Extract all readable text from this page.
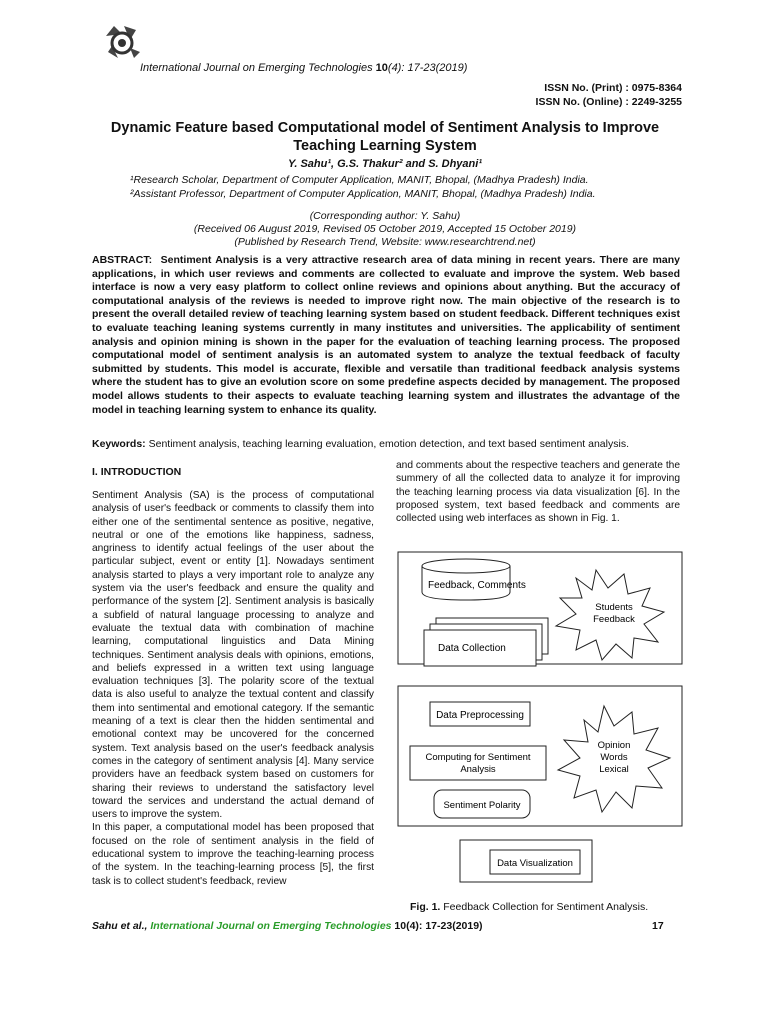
International Journal on Emerging Technologies 10(4): 17-23(2019)
ISSN No. (Print) : 0975-8364
ISSN No. (Online) : 2249-3255
Dynamic Feature based Computational model of Sentiment Analysis to Improve Teaching Learning System
Y. Sahu¹, G.S. Thakur² and S. Dhyani¹
¹Research Scholar, Department of Computer Application, MANIT, Bhopal, (Madhya Pradesh) India.
²Assistant Professor, Department of Computer Application, MANIT, Bhopal, (Madhya Pradesh) India.
(Corresponding author: Y. Sahu)
(Received 06 August 2019, Revised 05 October 2019, Accepted 15 October 2019)
(Published by Research Trend, Website: www.researchtrend.net)
ABSTRACT: Sentiment Analysis is a very attractive research area of data mining in recent years. There are many applications, in which user reviews and comments are collected to evaluate and improve the system. Web based interface is now a very easy platform to collect online reviews and opinions about anything. But the accuracy of computational analysis of the reviews is needed to improve right now. The main objective of the research is to present the overall detailed review of teaching learning system based on student feedback. Different techniques exist to evaluate teaching leaning systems currently in many institutes and universities. The applicability of sentiment analysis and opinion mining is shown in the paper for the evaluation of teaching learning process. The proposed computational model of sentiment analysis is an automated system to analyze the textual feedback of faculty submitted by students. This model is accurate, flexible and versatile than traditional feedback analysis systems where the student has to give an evolution score on some predefine aspects decided by management. The proposed model allows students to their aspects to evaluate teaching learning system and illustrates the advantage of the model in teaching learning system to enhance its quality.
Keywords: Sentiment analysis, teaching learning evaluation, emotion detection, and text based sentiment analysis.
I. INTRODUCTION

Sentiment Analysis (SA) is the process of computational analysis of user's feedback or comments to classify them into either one of the sentimental sentence as positive, negative, neutral or one of the emotions like happiness, sadness, angriness to identify actual feelings of the user about the particular subject, event or entity [1]. Nowadays sentiment analysis started to plays a very important role to analyze any system via the user's feedback and ensure the quality and performance of the system [2]. Sentiment analysis is basically a subfield of natural language processing to analyze and evaluate the textual data with combination of machine learning, computational linguistics and Data Mining techniques. Sentiment analysis deals with opinions, emotions, and beliefs expressed in a written text using language evaluation techniques [3]. The polarity score of the textual data is also useful to analyze the textual content and classify them into sentimental and emotional category. If the semantic meaning of a text is clear then the hidden sentimental and emotional context may be uncovered for the concerned system. Text analysis based on the user's feedback analysis comes in the category of sentiment analysis [4]. Many service providers have an feedback system based on customers for sharing their reviews to understand the satisfactory level toward the services and understand the actual demand of users to improve the system.

In this paper, a computational model has been proposed that focused on the role of sentiment analysis in the field of educational system to improve the teaching-learning process of the system. In the teaching-learning process [5], the first task is to collect student's feedback, review

and comments about the respective teachers and generate the summery of all the collected data to analyze it for improving the teaching learning process via data visualization [6]. In the proposed system, text based feedback and comments are collected using web interfaces as shown in Fig. 1.

Feedback, Comments
Data Collection
Students
Feedback
Data Preprocessing
Computing for Sentiment
Analysis
Sentiment Polarity
Opinion
Words
Lexical
Data Visualization
Fig. 1. Feedback Collection for Sentiment Analysis.
Sahu et al., International Journal on Emerging Technologies 10(4): 17-23(2019)	17
